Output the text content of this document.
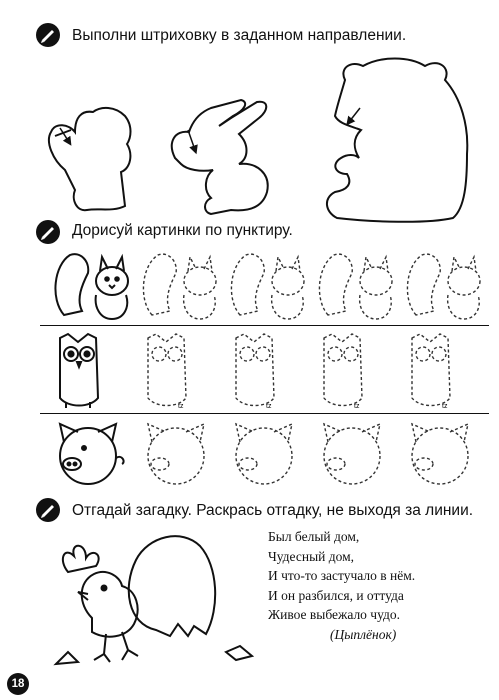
Выполни штриховку в заданном направлении.
Дорисуй картинки по пунктиру.
tz	tz	tz	tz
Отгадай загадку. Раскрась отгадку, не выходя за линии.
Был белый дом,
Чудесный дом,
И что-то застучало в нём.
И он разбился, и оттуда
Живое выбежало чудо.
(Цыплёнок)
18
